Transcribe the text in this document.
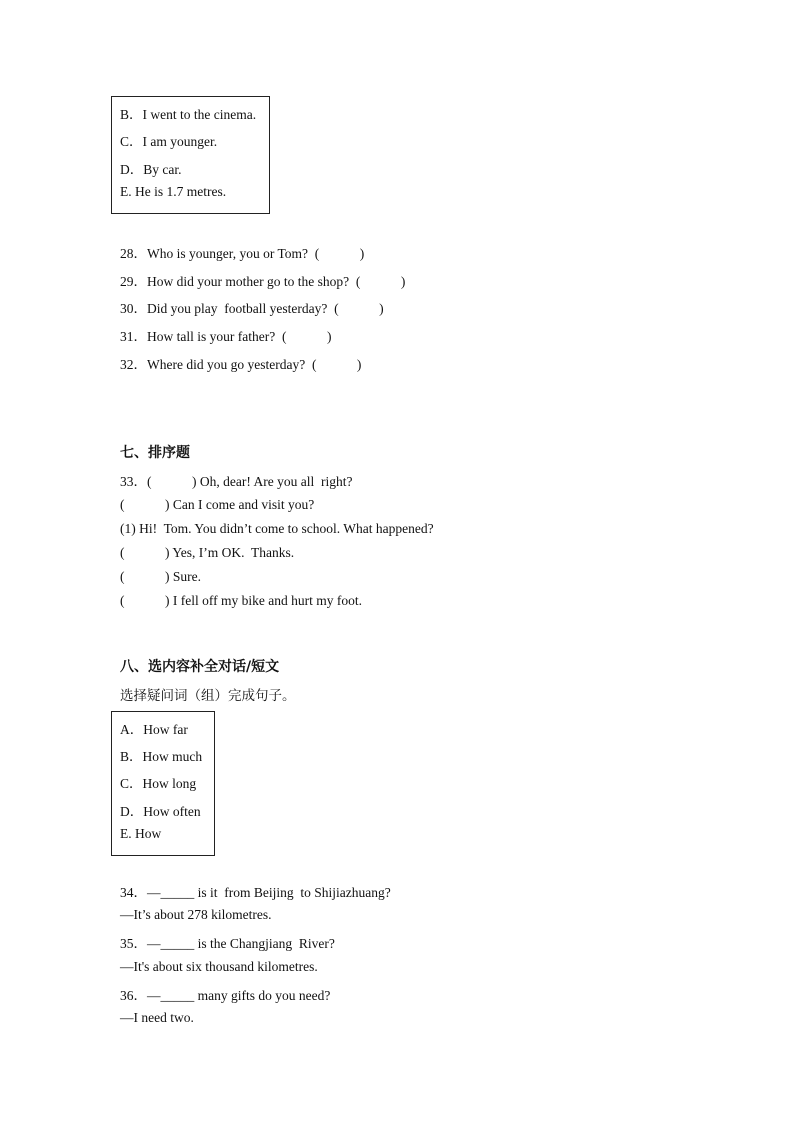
B．I went to the cinema.
C．I am younger.
D．By car.
E. He is 1.7 metres.
28．Who is younger, you or Tom?  (            )
29．How did your mother go to the shop?  (            )
30．Did you play  football yesterday?  (            )
31．How tall is your father?  (            )
32．Where did you go yesterday?  (            )
七、排序题
33．(            ) Oh, dear! Are you all  right?
(            ) Can I come and visit you?
(1) Hi!  Tom. You didn’t come to school. What happened?
(            ) Yes, I’m OK.  Thanks.
(            ) Sure.
(            ) I fell off my bike and hurt my foot.
八、选内容补全对话/短文
选择疑问词（组）完成句子。
A．How far
B．How much
C．How long
D．How often
E. How
34．—_____ is it  from Beijing  to Shijiazhuang?
—It’s about 278 kilometres.
35．—_____ is the Changjiang  River?
—It's about six thousand kilometres.
36．—_____ many gifts do you need?
—I need two.
